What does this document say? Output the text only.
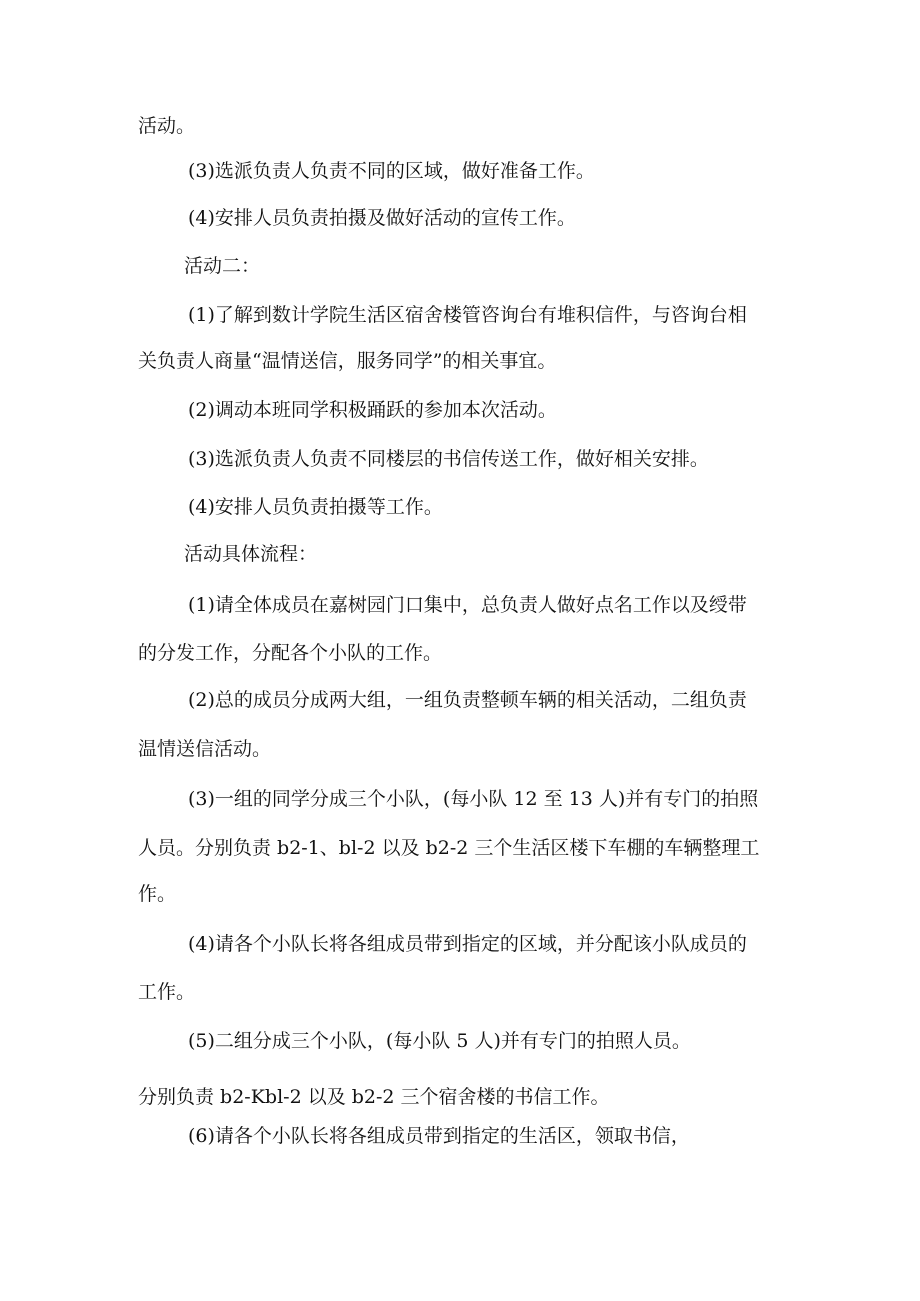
活动。

(3)选派负责人负责不同的区域，做好准备工作。

(4)安排人员负责拍摄及做好活动的宣传工作。

活动二：

(1)了解到数计学院生活区宿舍楼管咨询台有堆积信件，与咨询台相

关负责人商量“温情送信，服务同学”的相关事宜。

(2)调动本班同学积极踊跃的参加本次活动。

(3)选派负责人负责不同楼层的书信传送工作，做好相关安排。

(4)安排人员负责拍摄等工作。

活动具体流程：

(1)请全体成员在嘉树园门口集中，总负责人做好点名工作以及绶带

的分发工作，分配各个小队的工作。

(2)总的成员分成两大组，一组负责整顿车辆的相关活动，二组负责

温情送信活动。

(3)一组的同学分成三个小队，(每小队 12 至 13 人)并有专门的拍照

人员。分别负责 b2-1、bl-2 以及 b2-2 三个生活区楼下车棚的车辆整理工

作。

(4)请各个小队长将各组成员带到指定的区域，并分配该小队成员的

工作。

(5)二组分成三个小队，(每小队 5 人)并有专门的拍照人员。

分别负责 b2-Kbl-2 以及 b2-2 三个宿舍楼的书信工作。

(6)请各个小队长将各组成员带到指定的生活区，领取书信，
